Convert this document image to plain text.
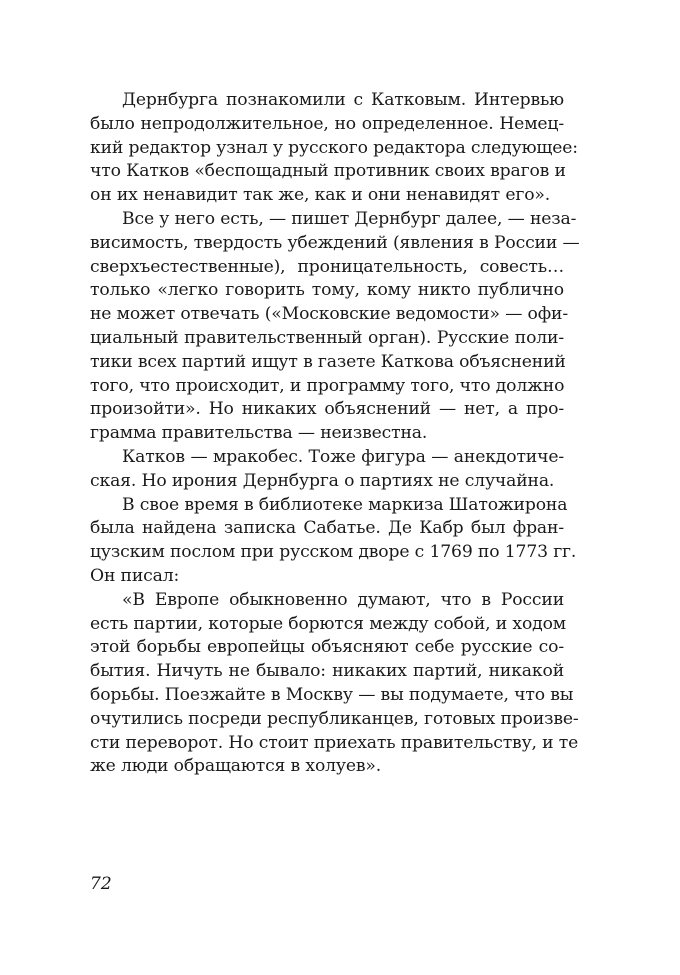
Дернбурга познакомили с Катковым. Интервью
было непродолжительное, но определенное. Немец-
кий редактор узнал у русского редактора следующее:
что Катков «беспощадный противник своих врагов и
он их ненавидит так же, как и они ненавидят его».
Все у него есть, — пишет Дернбург далее, — неза-
висимость, твердость убеждений (явления в России —
сверхъестественные), проницательность, совесть…
только «легко говорить тому, кому никто публично
не может отвечать («Московские ведомости» — офи-
циальный правительственный орган). Русские поли-
тики всех партий ищут в газете Каткова объяснений
того, что происходит, и программу того, что должно
произойти». Но никаких объяснений — нет, а про-
грамма правительства — неизвестна.
Катков — мракобес. Тоже фигура — анекдотиче-
ская. Но ирония Дернбурга о партиях не случайна.
В свое время в библиотеке маркиза Шатожирона
была найдена записка Сабатье. Де Кабр был фран-
цузским послом при русском дворе с 1769 по 1773 гг.
Он писал:
«В Европе обыкновенно думают, что в России
есть партии, которые борются между собой, и ходом
этой борьбы европейцы объясняют себе русские со-
бытия. Ничуть не бывало: никаких партий, никакой
борьбы. Поезжайте в Москву — вы подумаете, что вы
очутились посреди республиканцев, готовых произве-
сти переворот. Но стоит приехать правительству, и те
же люди обращаются в холуев».
72
